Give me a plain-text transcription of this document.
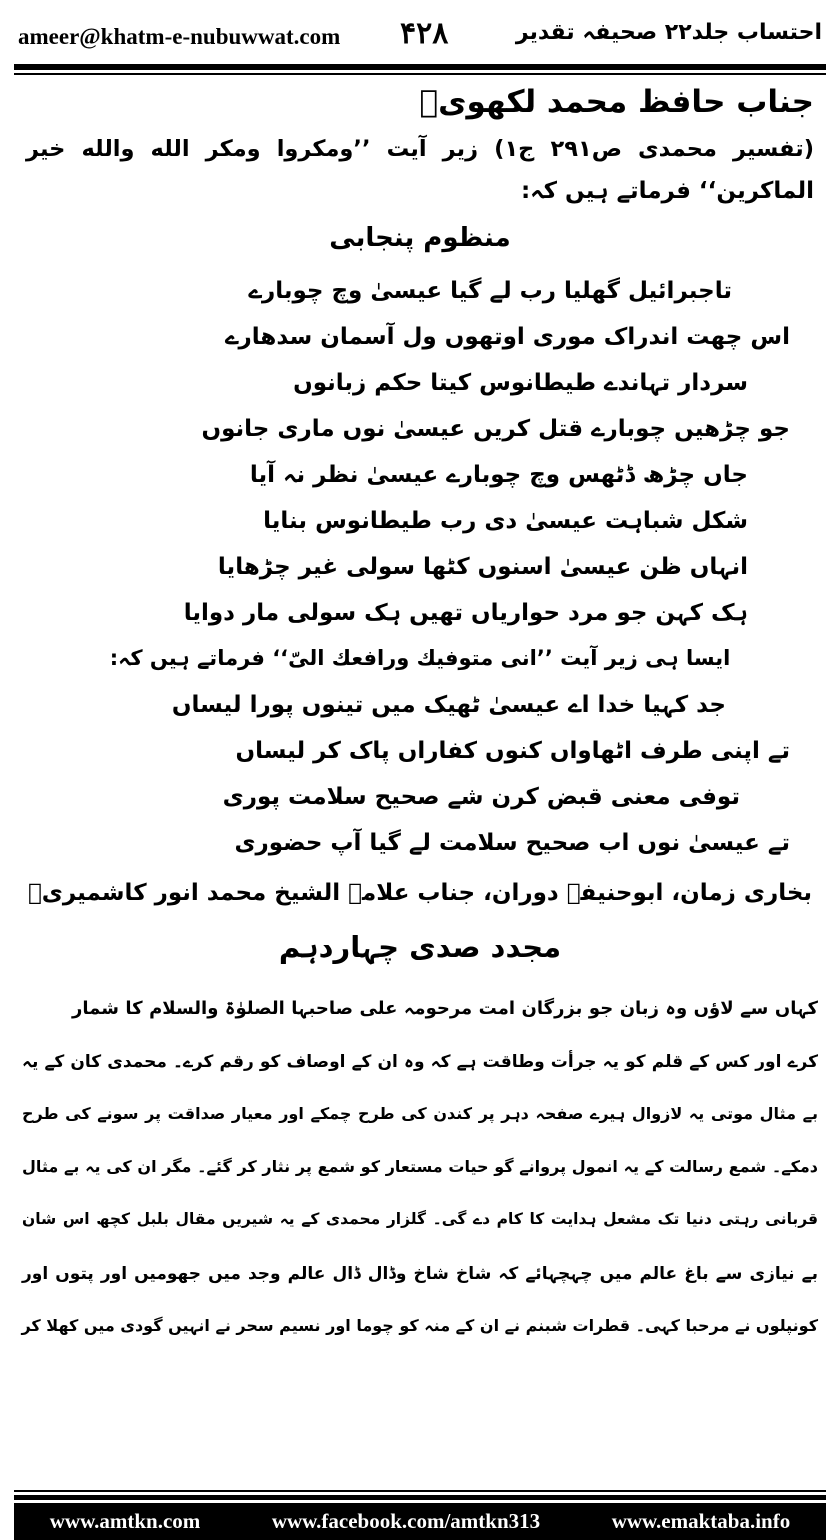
ameer@khatm-e-nubuwwat.com ۴۲۸	احتساب جلد۲۲ صحیفہ تقدیر
جناب حافظ محمد لکھویؒ
(تفسیر محمدی ص۲۹۱ ج۱) زیر آیت ’’ومکروا ومکر الله والله خیر
الماکرین‘‘ فرماتے ہیں کہ:
منظوم پنجابی
تاجبرائیل گھلیا رب لے گیا عیسیٰ وچ چوبارے
اس چھت اندراک موری اوتھوں ول آسمان سدھارے
سردار تہاندے طیطانوس کیتا حکم زبانوں
جو چڑھیں چوبارے قتل کریں عیسیٰ نوں ماری جانوں
جاں چڑھ ڈٹھس وچ چوبارے عیسیٰ نظر نہ آیا
شکل شباہت عیسیٰ دی رب طیطانوس بنایا
انہاں ظن عیسیٰ اسنوں کٹھا سولی غیر چڑھایا
ہک کہن جو مرد حواریاں تھیں ہک سولی مار دوایا
ایسا ہی زیر آیت ’’انی متوفیك ورافعك الیّ‘‘ فرماتے ہیں کہ:
جد کہیا خدا اے عیسیٰ ٹھیک میں تینوں پورا لیساں
تے اپنی طرف اٹھاواں کنوں کفاراں پاک کر لیساں
توفی معنی قبض کرن شے صحیح سلامت پوری
تے عیسیٰ نوں اب صحیح سلامت لے گیا آپ حضوری
بخاری زمان، ابوحنیفہ دوران، جناب علامۃ الشیخ محمد انور کاشمیریؒ
مجدد صدی چہاردہم
کہاں سے لاؤں وہ زبان جو بزرگان امت مرحومہ علی صاحبہا الصلوٰۃ والسلام کا شمار
کرے اور کس کے قلم کو یہ جرأت وطاقت ہے کہ وہ ان کے اوصاف کو رقم کرے۔ محمدی کان کے یہ
بے مثال موتی یہ لازوال ہیرے صفحہ دہر پر کندن کی طرح چمکے اور معیار صداقت پر سونے کی طرح
دمکے۔ شمع رسالت کے یہ انمول پروانے گو حیات مستعار کو شمع پر نثار کر گئے۔ مگر ان کی یہ بے مثال
قربانی رہتی دنیا تک مشعل ہدایت کا کام دے گی۔ گلزار محمدی کے یہ شیریں مقال بلبل کچھ اس شان
بے نیازی سے باغ عالم میں چہچہائے کہ شاخ شاخ وڈال ڈال عالم وجد میں جھومیں اور پتوں اور
کونپلوں نے مرحبا کہی۔ قطرات شبنم نے ان کے منہ کو چوما اور نسیم سحر نے انہیں گودی میں کھلا کر
www.amtkn.com	www.facebook.com/amtkn313	www.emaktaba.info
